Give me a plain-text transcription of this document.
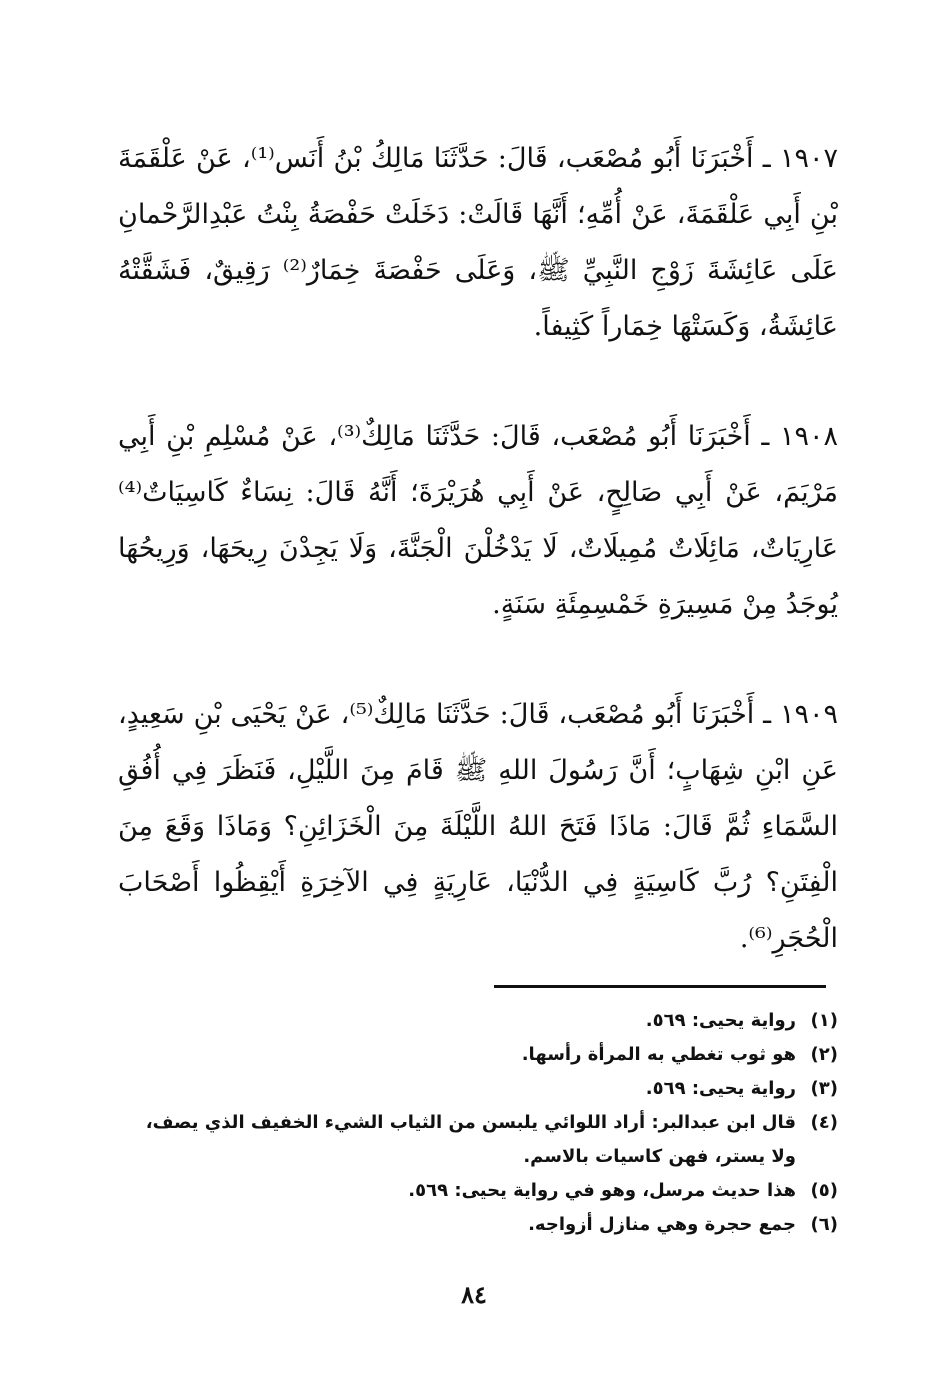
١٩٠٧ ـ أَخْبَرَنَا أَبُو مُصْعَب، قَالَ: حَدَّثَنَا مَالِكُ بْنُ أَنَس⁽¹⁾، عَنْ عَلْقَمَةَ بْنِ أَبِي عَلْقَمَةَ، عَنْ أُمِّهِ؛ أَنَّهَا قَالَتْ: دَخَلَتْ حَفْصَةُ بِنْتُ عَبْدِالرَّحْمانِ عَلَى عَائِشَةَ زَوْجِ النَّبِيِّ ﷺ، وَعَلَى حَفْصَةَ خِمَارٌ⁽²⁾ رَقِيقٌ، فَشَقَّتْهُ عَائِشَةُ، وَكَسَتْهَا خِمَاراً كَثِيفاً.

١٩٠٨ ـ أَخْبَرَنَا أَبُو مُصْعَب، قَالَ: حَدَّثَنَا مَالِكٌ⁽³⁾، عَنْ مُسْلِمِ بْنِ أَبِي مَرْيَمَ، عَنْ أَبِي صَالِحٍ، عَنْ أَبِي هُرَيْرَةَ؛ أَنَّهُ قَالَ: نِسَاءٌ كَاسِيَاتٌ⁽⁴⁾ عَارِيَاتٌ، مَائِلَاتٌ مُمِيلَاتٌ، لَا يَدْخُلْنَ الْجَنَّةَ، وَلَا يَجِدْنَ رِيحَهَا، وَرِيحُهَا يُوجَدُ مِنْ مَسِيرَةِ خَمْسِمِئَةِ سَنَةٍ.

١٩٠٩ ـ أَخْبَرَنَا أَبُو مُصْعَب، قَالَ: حَدَّثَنَا مَالِكٌ⁽⁵⁾، عَنْ يَحْيَى بْنِ سَعِيدٍ، عَنِ ابْنِ شِهَابٍ؛ أَنَّ رَسُولَ اللهِ ﷺ قَامَ مِنَ اللَّيْلِ، فَنَظَرَ فِي أُفُقِ السَّمَاءِ ثُمَّ قَالَ: مَاذَا فَتَحَ اللهُ اللَّيْلَةَ مِنَ الْخَزَائِنِ؟ وَمَاذَا وَقَعَ مِنَ الْفِتَنِ؟ رُبَّ كَاسِيَةٍ فِي الدُّنْيَا، عَارِيَةٍ فِي الآخِرَةِ أَيْقِظُوا أَصْحَابَ الْحُجَرِ⁽⁶⁾.

(١)
رواية يحيى: ٥٦٩.
(٢)
هو ثوب تغطي به المرأة رأسها.
(٣)
رواية يحيى: ٥٦٩.
(٤)
قال ابن عبدالبر: أراد اللوائي يلبسن من الثياب الشيء الخفيف الذي يصف، ولا يستر، فهن كاسيات بالاسم.
(٥)
هذا حديث مرسل، وهو في رواية يحيى: ٥٦٩.
(٦)
جمع حجرة وهي منازل أزواجه.
٨٤
